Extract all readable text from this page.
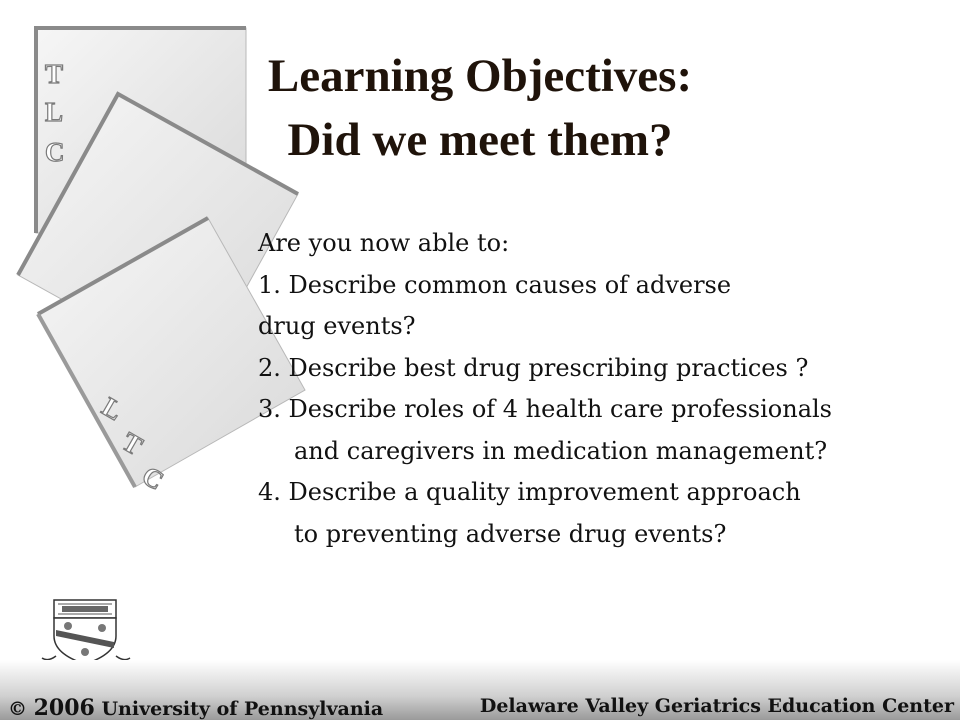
T
L
C
L
T
C
Learning Objectives:
Did we meet them?
Are you now able to:
1. Describe common causes of adverse
drug events?
2. Describe best drug prescribing practices ?
3. Describe roles of 4 health care professionals
and caregivers in medication management?
4. Describe a quality improvement approach
to preventing adverse drug events?
© 2006 University of Pennsylvania	Delaware Valley Geriatrics Education Center
